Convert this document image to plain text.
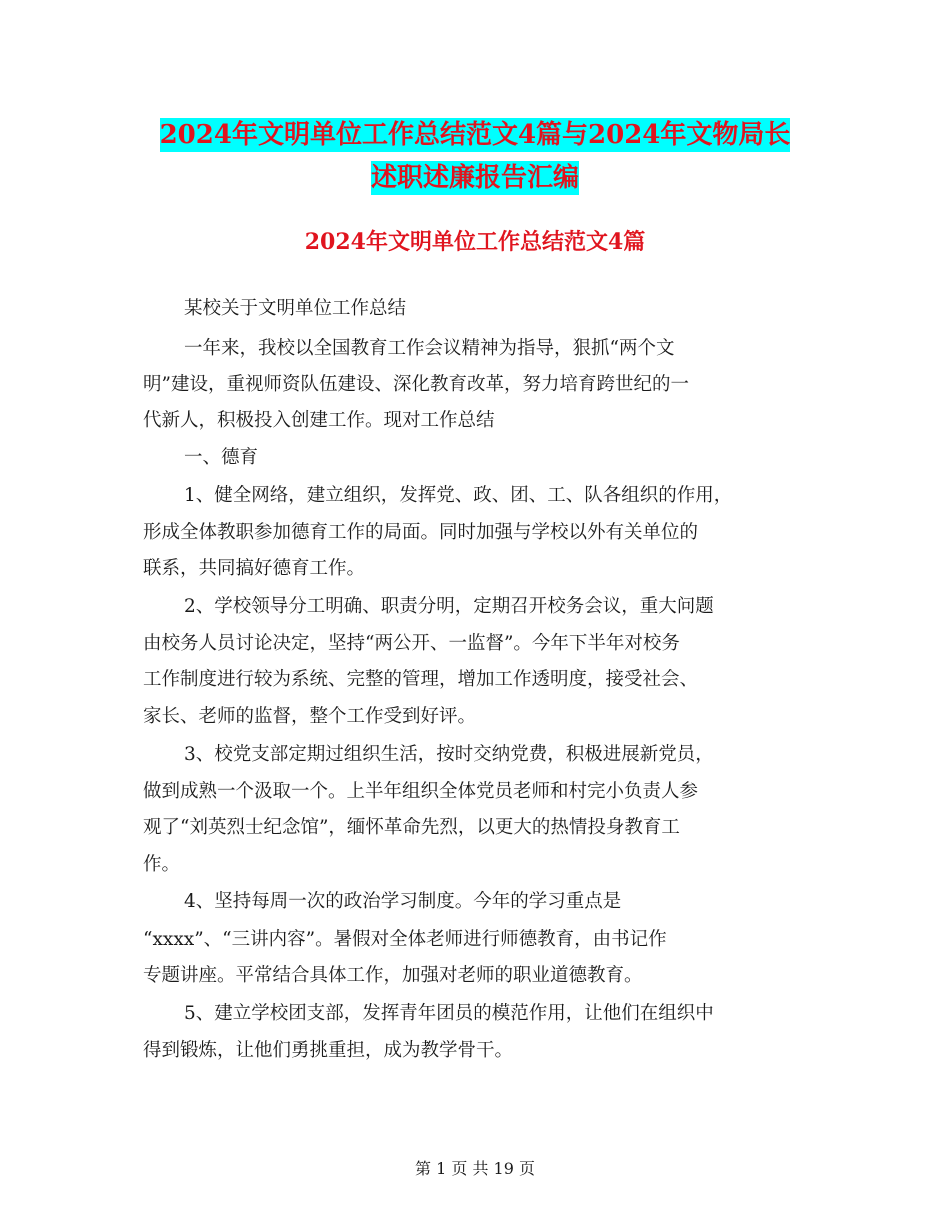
2024年文明单位工作总结范文4篇与2024年文物局长
述职述廉报告汇编
2024年文明单位工作总结范文4篇
某校关于文明单位工作总结
一年来，我校以全国教育工作会议精神为指导，狠抓“两个文
明”建设，重视师资队伍建设、深化教育改革，努力培育跨世纪的一
代新人，积极投入创建工作。现对工作总结
一、德育
1、健全网络，建立组织，发挥党、政、团、工、队各组织的作用，
形成全体教职参加德育工作的局面。同时加强与学校以外有关单位的
联系，共同搞好德育工作。
2、学校领导分工明确、职责分明，定期召开校务会议，重大问题
由校务人员讨论决定，坚持“两公开、一监督”。今年下半年对校务
工作制度进行较为系统、完整的管理，增加工作透明度，接受社会、
家长、老师的监督，整个工作受到好评。
3、校党支部定期过组织生活，按时交纳党费，积极进展新党员，
做到成熟一个汲取一个。上半年组织全体党员老师和村完小负责人参
观了“刘英烈士纪念馆”，缅怀革命先烈，以更大的热情投身教育工
作。
4、坚持每周一次的政治学习制度。今年的学习重点是
“xxxx”、“三讲内容”。暑假对全体老师进行师德教育，由书记作
专题讲座。平常结合具体工作，加强对老师的职业道德教育。
5、建立学校团支部，发挥青年团员的模范作用，让他们在组织中
得到锻炼，让他们勇挑重担，成为教学骨干。
第 1 页 共 19 页
